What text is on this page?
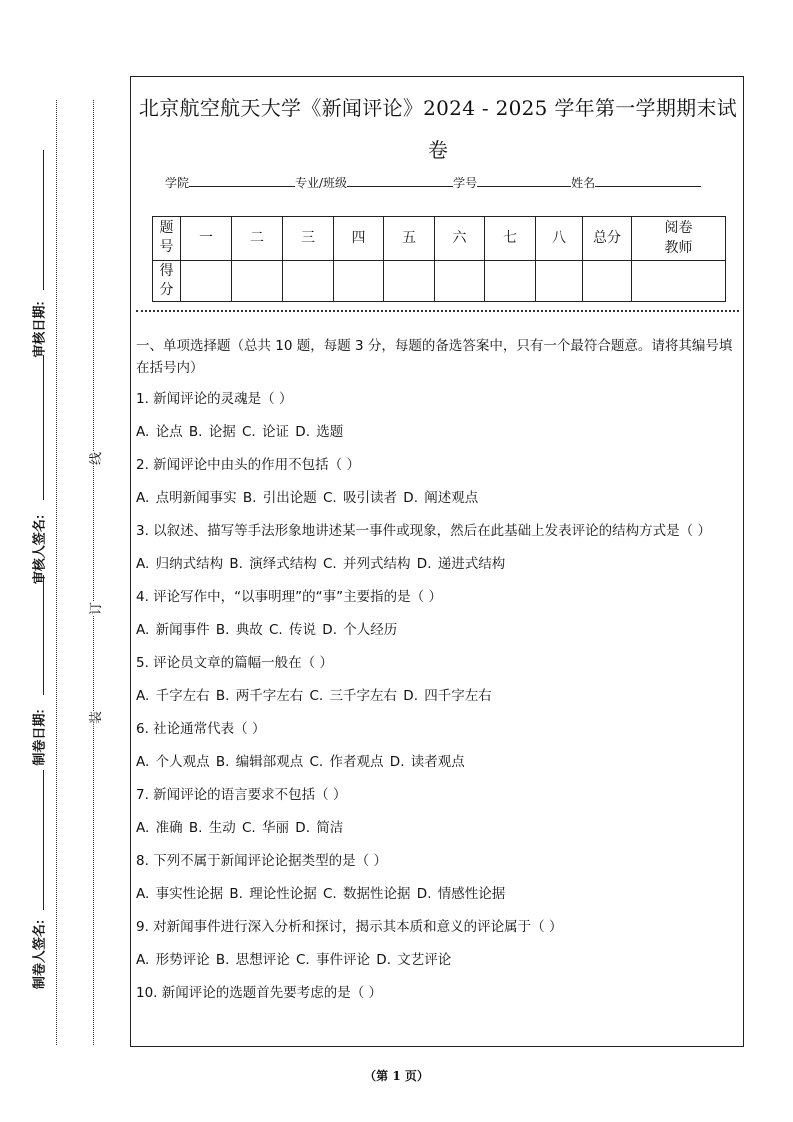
审核日期:
审核人签名:
制卷日期:
制卷人签名:
线
订
装
北京航空航天大学《新闻评论》2024 - 2025 学年第一学期期末试卷
学院	专业/班级	学号	姓名
题号	一	二	三	四	五	六	七	八	总分	阅卷教师
得分										
一、单项选择题（总共 10 题，每题 3 分，每题的备选答案中，只有一个最符合题意。请将其编号填在括号内）
1. 新闻评论的灵魂是（ ）
A. 论点 B. 论据 C. 论证 D. 选题
2. 新闻评论中由头的作用不包括（ ）
A. 点明新闻事实 B. 引出论题 C. 吸引读者 D. 阐述观点
3. 以叙述、描写等手法形象地讲述某一事件或现象，然后在此基础上发表评论的结构方式是（ ）
A. 归纳式结构 B. 演绎式结构 C. 并列式结构 D. 递进式结构
4. 评论写作中，“以事明理”的“事”主要指的是（ ）
A. 新闻事件 B. 典故 C. 传说 D. 个人经历
5. 评论员文章的篇幅一般在（ ）
A. 千字左右 B. 两千字左右 C. 三千字左右 D. 四千字左右
6. 社论通常代表（ ）
A. 个人观点 B. 编辑部观点 C. 作者观点 D. 读者观点
7. 新闻评论的语言要求不包括（ ）
A. 准确 B. 生动 C. 华丽 D. 简洁
8. 下列不属于新闻评论论据类型的是（ ）
A. 事实性论据 B. 理论性论据 C. 数据性论据 D. 情感性论据
9. 对新闻事件进行深入分析和探讨，揭示其本质和意义的评论属于（ ）
A. 形势评论 B. 思想评论 C. 事件评论 D. 文艺评论
10. 新闻评论的选题首先要考虑的是（ ）
（第 1 页）
